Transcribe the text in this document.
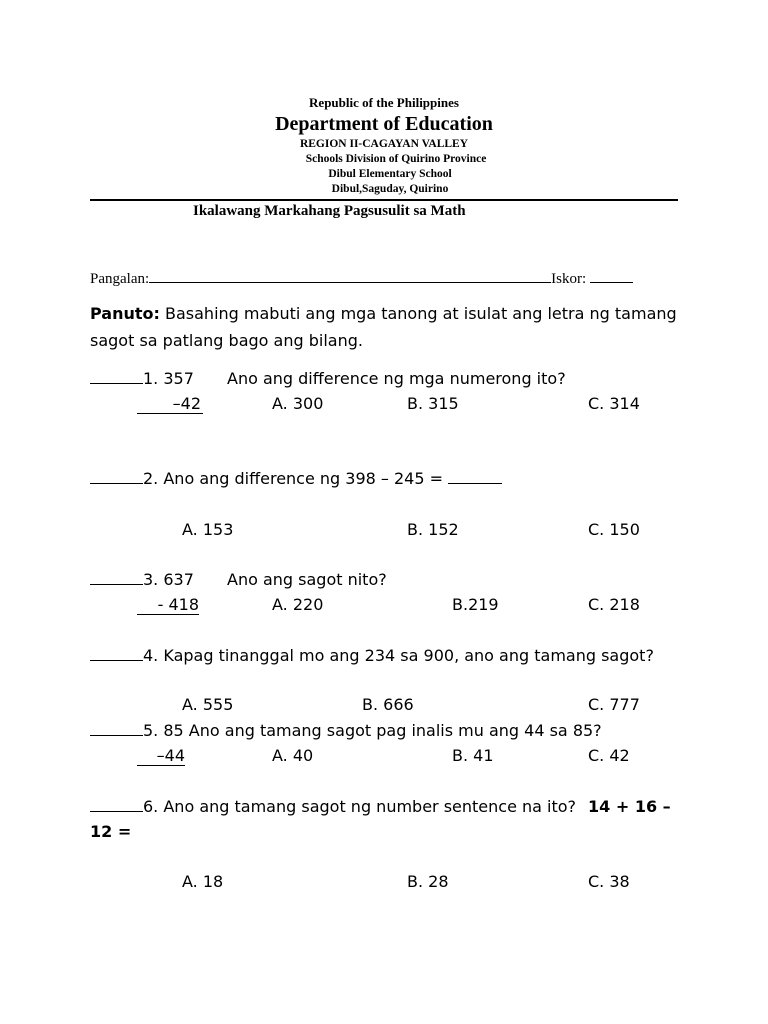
Republic of the Philippines
Department of Education
REGION II-CAGAYAN VALLEY
Schools Division of Quirino Province
Dibul Elementary School
Dibul,Saguday, Quirino
Ikalawang Markahang Pagsusulit sa Math
Pangalan:	Iskor:
Panuto: Basahing mabuti ang mga tanong at isulat ang letra ng tamang
sagot sa patlang bago ang bilang.
1. 357 Ano ang difference ng mga numerong ito?
–42	A. 300	B. 315	C. 314
2. Ano ang difference ng 398 – 245 =
A. 153	B. 152	C. 150
3. 637 Ano ang sagot nito?
- 418	A. 220	B.219	C. 218
4. Kapag tinanggal mo ang 234 sa 900, ano ang tamang sagot?
A. 555	B. 666	C. 777
5. 85 Ano ang tamang sagot pag inalis mu ang 44 sa 85?
–44	A. 40	B. 41	C. 42
6. Ano ang tamang sagot ng number sentence na ito? 14 + 16 –
12 =
A. 18	B. 28	C. 38
